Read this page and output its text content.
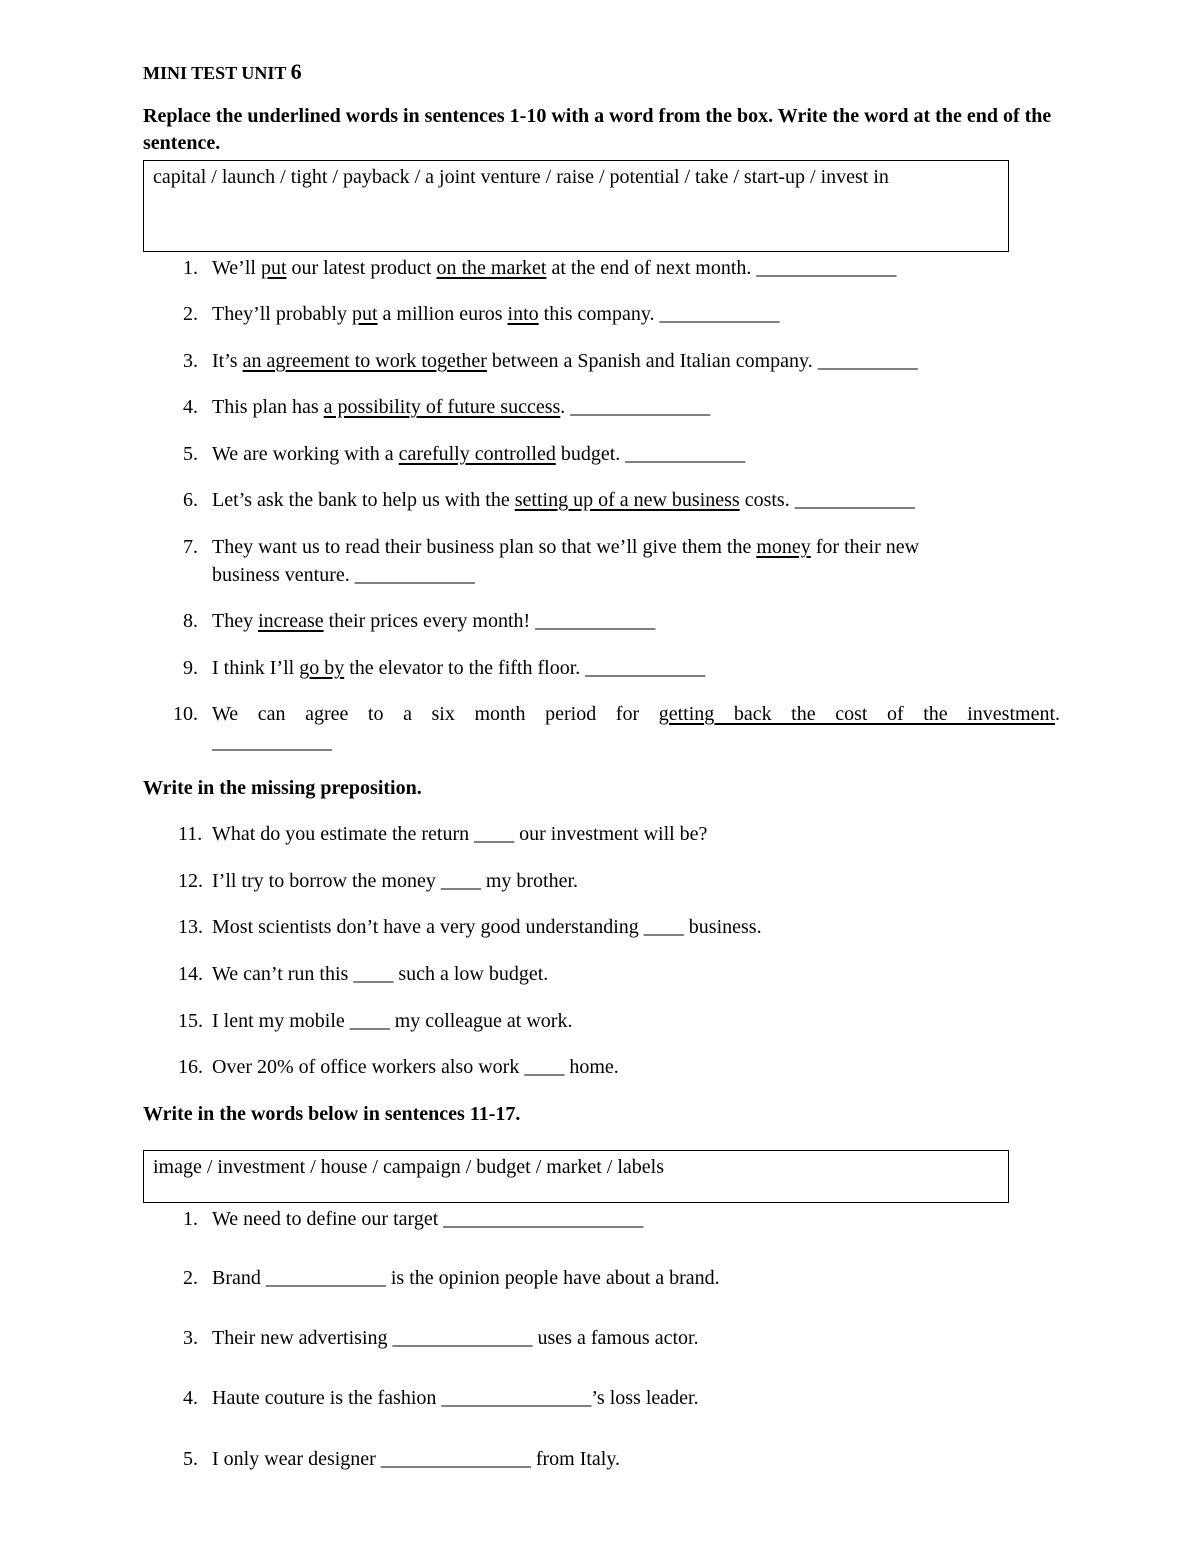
MINI TEST UNIT 6
Replace the underlined words in sentences 1-10 with a word from the box. Write the word at the end of the sentence.
capital / launch / tight / payback / a joint venture / raise / potential / take / start-up / invest in
1. We’ll put our latest product on the market at the end of next month. ______________
2. They’ll probably put a million euros into this company. ____________
3. It’s an agreement to work together between a Spanish and Italian company. __________
4. This plan has a possibility of future success. ______________
5. We are working with a carefully controlled budget. ____________
6. Let’s ask the bank to help us with the setting up of a new business costs. ____________
7. They want us to read their business plan so that we’ll give them the money for their new
business venture. ____________
8. They increase their prices every month! ____________
9. I think I’ll go by the elevator to the fifth floor. ____________
10. We can agree to a six month period for getting back the cost of the investment.
____________
Write in the missing preposition.
11. What do you estimate the return ____ our investment will be?
12. I’ll try to borrow the money ____ my brother.
13. Most scientists don’t have a very good understanding ____ business.
14. We can’t run this ____ such a low budget.
15. I lent my mobile ____ my colleague at work.
16. Over 20% of office workers also work ____ home.
Write in the words below in sentences 11-17.
image / investment / house / campaign / budget / market / labels
1. We need to define our target ____________________
2. Brand ____________ is the opinion people have about a brand.
3. Their new advertising ______________ uses a famous actor.
4. Haute couture is the fashion _______________’s loss leader.
5. I only wear designer _______________ from Italy.
